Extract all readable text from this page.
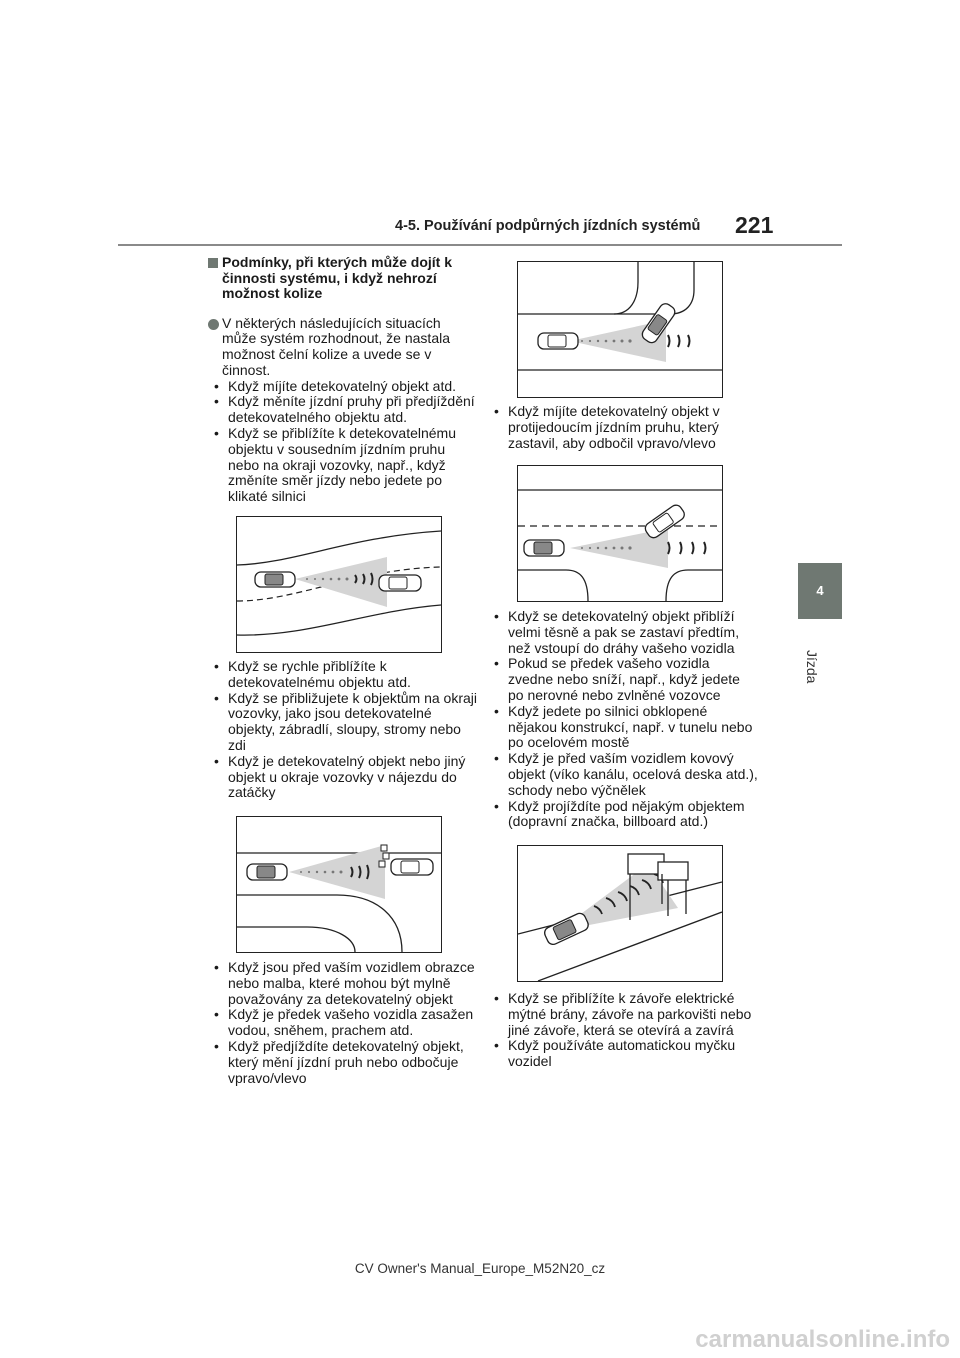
4-5. Používání podpůrných jízdních systémů 221
4
Jízda
Podmínky, při kterých může dojít k činnosti systému, i když nehrozí možnost kolize
V některých následujících situacích může systém rozhodnout, že nastala možnost čelní kolize a uvede se v činnost.
• Když míjíte detekovatelný objekt atd.
• Když měníte jízdní pruhy při předjíždění detekovatelného objektu atd.
• Když se přiblížíte k detekovatelnému objektu v sousedním jízdním pruhu nebo na okraji vozovky, např., když změníte směr jízdy nebo jedete po klikaté silnici
• Když se rychle přiblížíte k detekovatelnému objektu atd.
• Když se přibližujete k objektům na okraji vozovky, jako jsou detekovatelné objekty, zábradlí, sloupy, stromy nebo zdi
• Když je detekovatelný objekt nebo jiný objekt u okraje vozovky v nájezdu do zatáčky
• Když jsou před vaším vozidlem obrazce nebo malba, které mohou být mylně považovány za detekovatelný objekt
• Když je předek vašeho vozidla zasažen vodou, sněhem, prachem atd.
• Když předjíždíte detekovatelný objekt, který mění jízdní pruh nebo odbočuje vpravo/vlevo
• Když míjíte detekovatelný objekt v protijedoucím jízdním pruhu, který zastavil, aby odbočil vpravo/vlevo
• Když se detekovatelný objekt přiblíží velmi těsně a pak se zastaví předtím, než vstoupí do dráhy vašeho vozidla
• Pokud se předek vašeho vozidla zvedne nebo sníží, např., když jedete po nerovné nebo zvlněné vozovce
• Když jedete po silnici obklopené nějakou konstrukcí, např. v tunelu nebo po ocelovém mostě
• Když je před vaším vozidlem kovový objekt (víko kanálu, ocelová deska atd.), schody nebo výčnělek
• Když projíždíte pod nějakým objektem (dopravní značka, billboard atd.)
• Když se přiblížíte k závoře elektrické mýtné brány, závoře na parkovišti nebo jiné závoře, která se otevírá a zavírá
• Když používáte automatickou myčku vozidel
CV Owner's Manual_Europe_M52N20_cz
carmanualsonline.info
